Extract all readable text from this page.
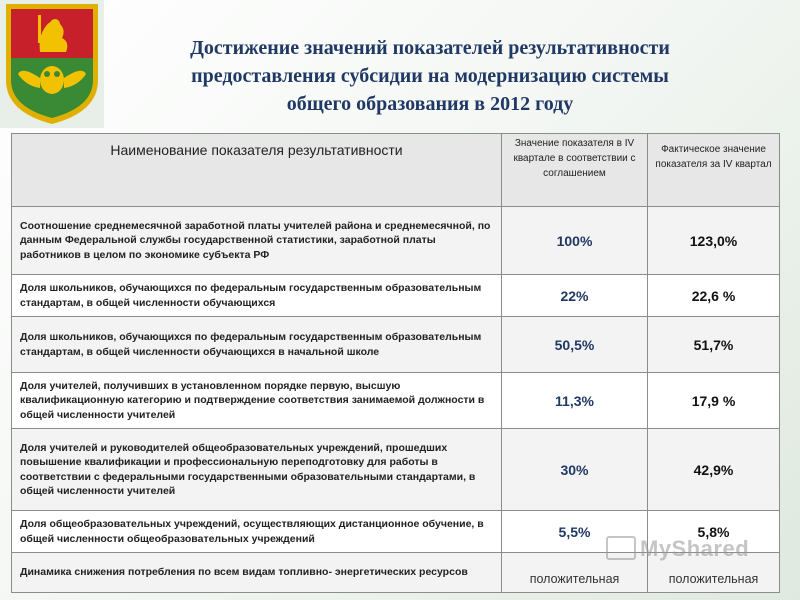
Достижение значений показателей результативности
предоставления субсидии на модернизацию системы
общего образования в 2012 году
Наименование показателя результативности	Значение показателя в IV квартале в соответствии с соглашением	Фактическое значение показателя за IV квартал
Соотношение среднемесячной заработной платы учителей района и среднемесячной, по данным Федеральной службы государственной статистики, заработной платы работников в целом по экономике субъекта РФ	100%	123,0%
Доля школьников, обучающихся по федеральным государственным образовательным стандартам, в общей численности обучающихся	22%	22,6 %
Доля школьников, обучающихся по федеральным государственным образовательным стандартам, в общей численности обучающихся в начальной школе	50,5%	51,7%
Доля учителей, получивших в установленном порядке первую, высшую квалификационную категорию и подтверждение соответствия занимаемой должности в общей численности учителей	11,3%	17,9 %
Доля учителей и руководителей общеобразовательных учреждений, прошедших повышение квалификации и профессиональную переподготовку для работы в соответствии с федеральными государственными образовательными стандартами, в общей численности учителей	30%	42,9%
Доля общеобразовательных учреждений, осуществляющих дистанционное обучение, в общей численности общеобразовательных учреждений	5,5%	5,8%
Динамика снижения потребления по всем видам топливно- энергетических ресурсов	положительная	положительная
MyShared
